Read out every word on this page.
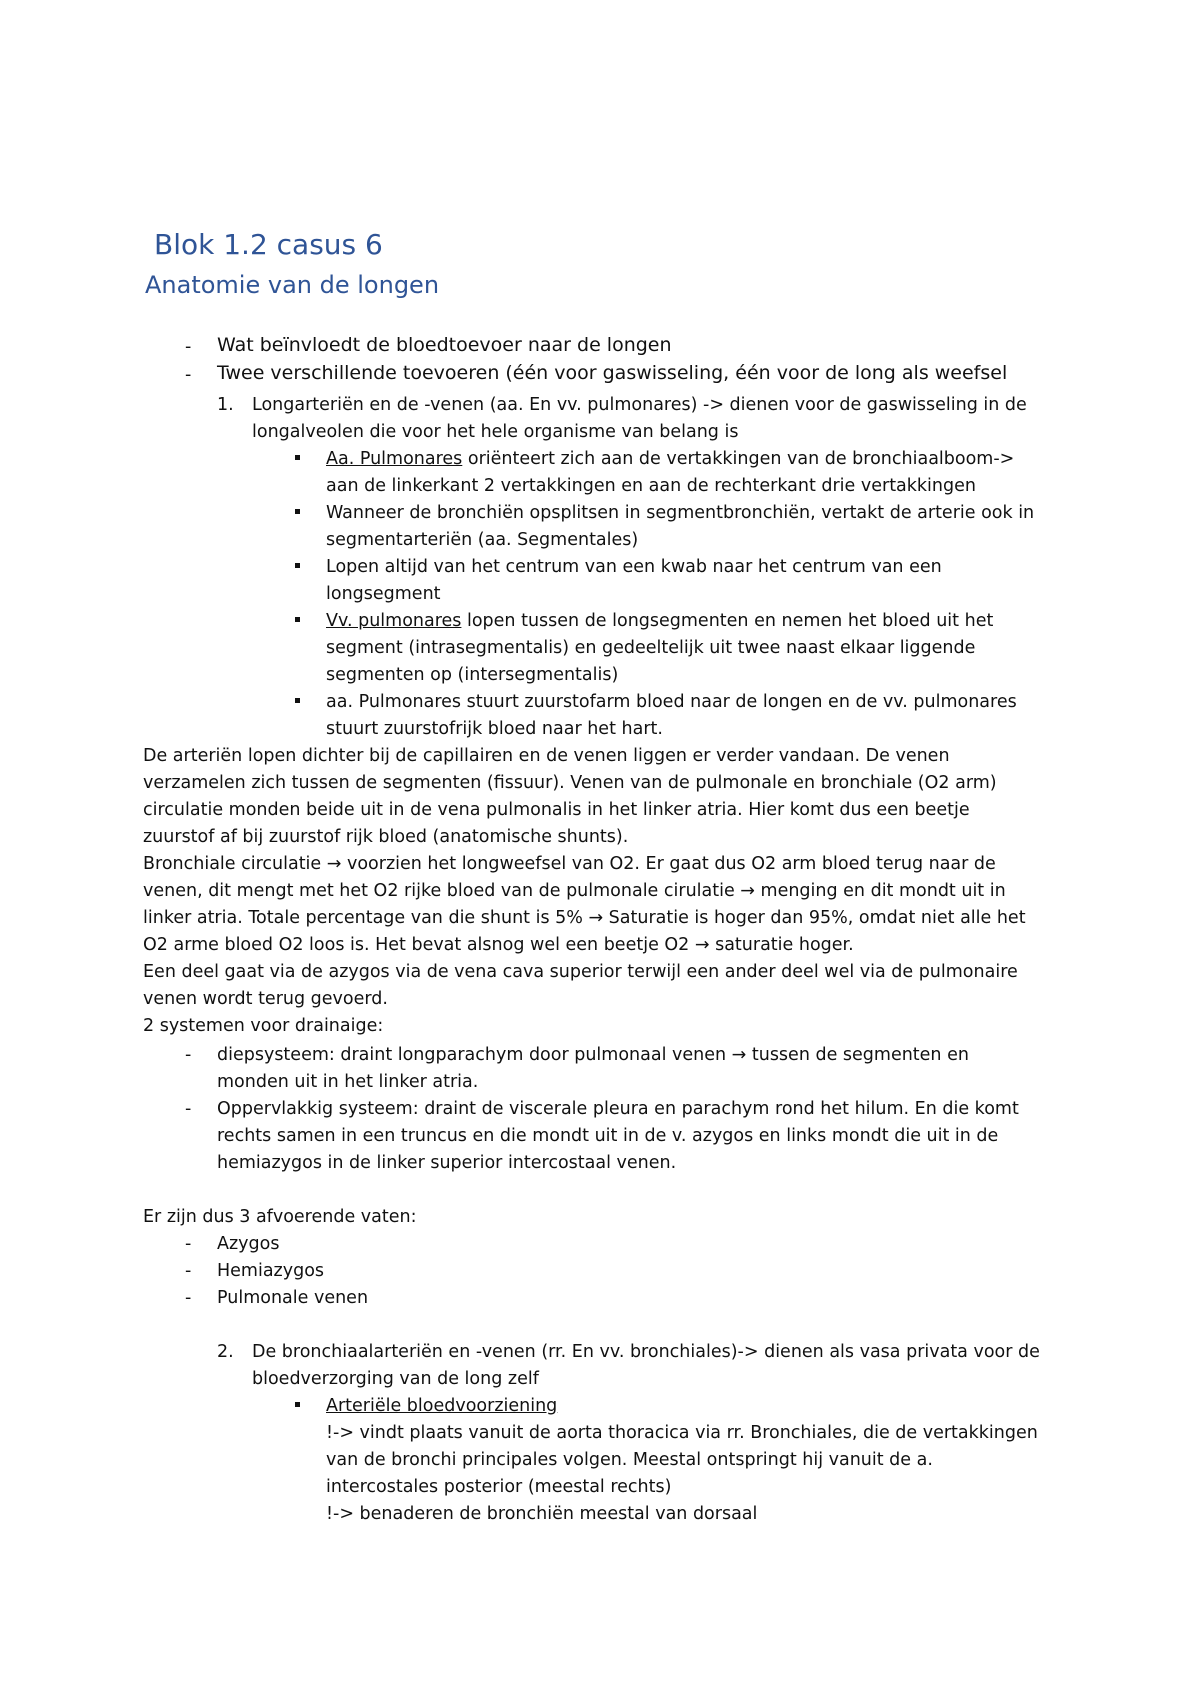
Blok 1.2 casus 6
Anatomie van de longen
- Wat beïnvloedt de bloedtoevoer naar de longen

- Twee verschillende toevoeren (één voor gaswisseling, één voor de long als weefsel

1. Longarteriën en de -venen (aa. En vv. pulmonares) -> dienen voor de gaswisseling in de

longalveolen die voor het hele organisme van belang is

Aa. Pulmonares oriënteert zich aan de vertakkingen van de bronchiaalboom->

aan de linkerkant 2 vertakkingen en aan de rechterkant drie vertakkingen

Wanneer de bronchiën opsplitsen in segmentbronchiën, vertakt de arterie ook in

segmentarteriën (aa. Segmentales)

Lopen altijd van het centrum van een kwab naar het centrum van een

longsegment

Vv. pulmonares lopen tussen de longsegmenten en nemen het bloed uit het

segment (intrasegmentalis) en gedeeltelijk uit twee naast elkaar liggende

segmenten op (intersegmentalis)

aa. Pulmonares stuurt zuurstofarm bloed naar de longen en de vv. pulmonares

stuurt zuurstofrijk bloed naar het hart.

De arteriën lopen dichter bij de capillairen en de venen liggen er verder vandaan. De venen

verzamelen zich tussen de segmenten (fissuur). Venen van de pulmonale en bronchiale (O2 arm)

circulatie monden beide uit in de vena pulmonalis in het linker atria. Hier komt dus een beetje

zuurstof af bij zuurstof rijk bloed (anatomische shunts).

Bronchiale circulatie → voorzien het longweefsel van O2. Er gaat dus O2 arm bloed terug naar de

venen, dit mengt met het O2 rijke bloed van de pulmonale cirulatie → menging en dit mondt uit in

linker atria. Totale percentage van die shunt is 5% → Saturatie is hoger dan 95%, omdat niet alle het

O2 arme bloed O2 loos is. Het bevat alsnog wel een beetje O2 → saturatie hoger.

Een deel gaat via de azygos via de vena cava superior terwijl een ander deel wel via de pulmonaire

venen wordt terug gevoerd.

2 systemen voor drainaige:

- diepsysteem: draint longparachym door pulmonaal venen → tussen de segmenten en

monden uit in het linker atria.

- Oppervlakkig systeem: draint de viscerale pleura en parachym rond het hilum. En die komt

rechts samen in een truncus en die mondt uit in de v. azygos en links mondt die uit in de

hemiazygos in de linker superior intercostaal venen.

Er zijn dus 3 afvoerende vaten:

- Azygos

- Hemiazygos

- Pulmonale venen

2. De bronchiaalarteriën en -venen (rr. En vv. bronchiales)-> dienen als vasa privata voor de

bloedverzorging van de long zelf

Arteriële bloedvoorziening

!-> vindt plaats vanuit de aorta thoracica via rr. Bronchiales, die de vertakkingen

van de bronchi principales volgen. Meestal ontspringt hij vanuit de a.

intercostales posterior (meestal rechts)

!-> benaderen de bronchiën meestal van dorsaal
